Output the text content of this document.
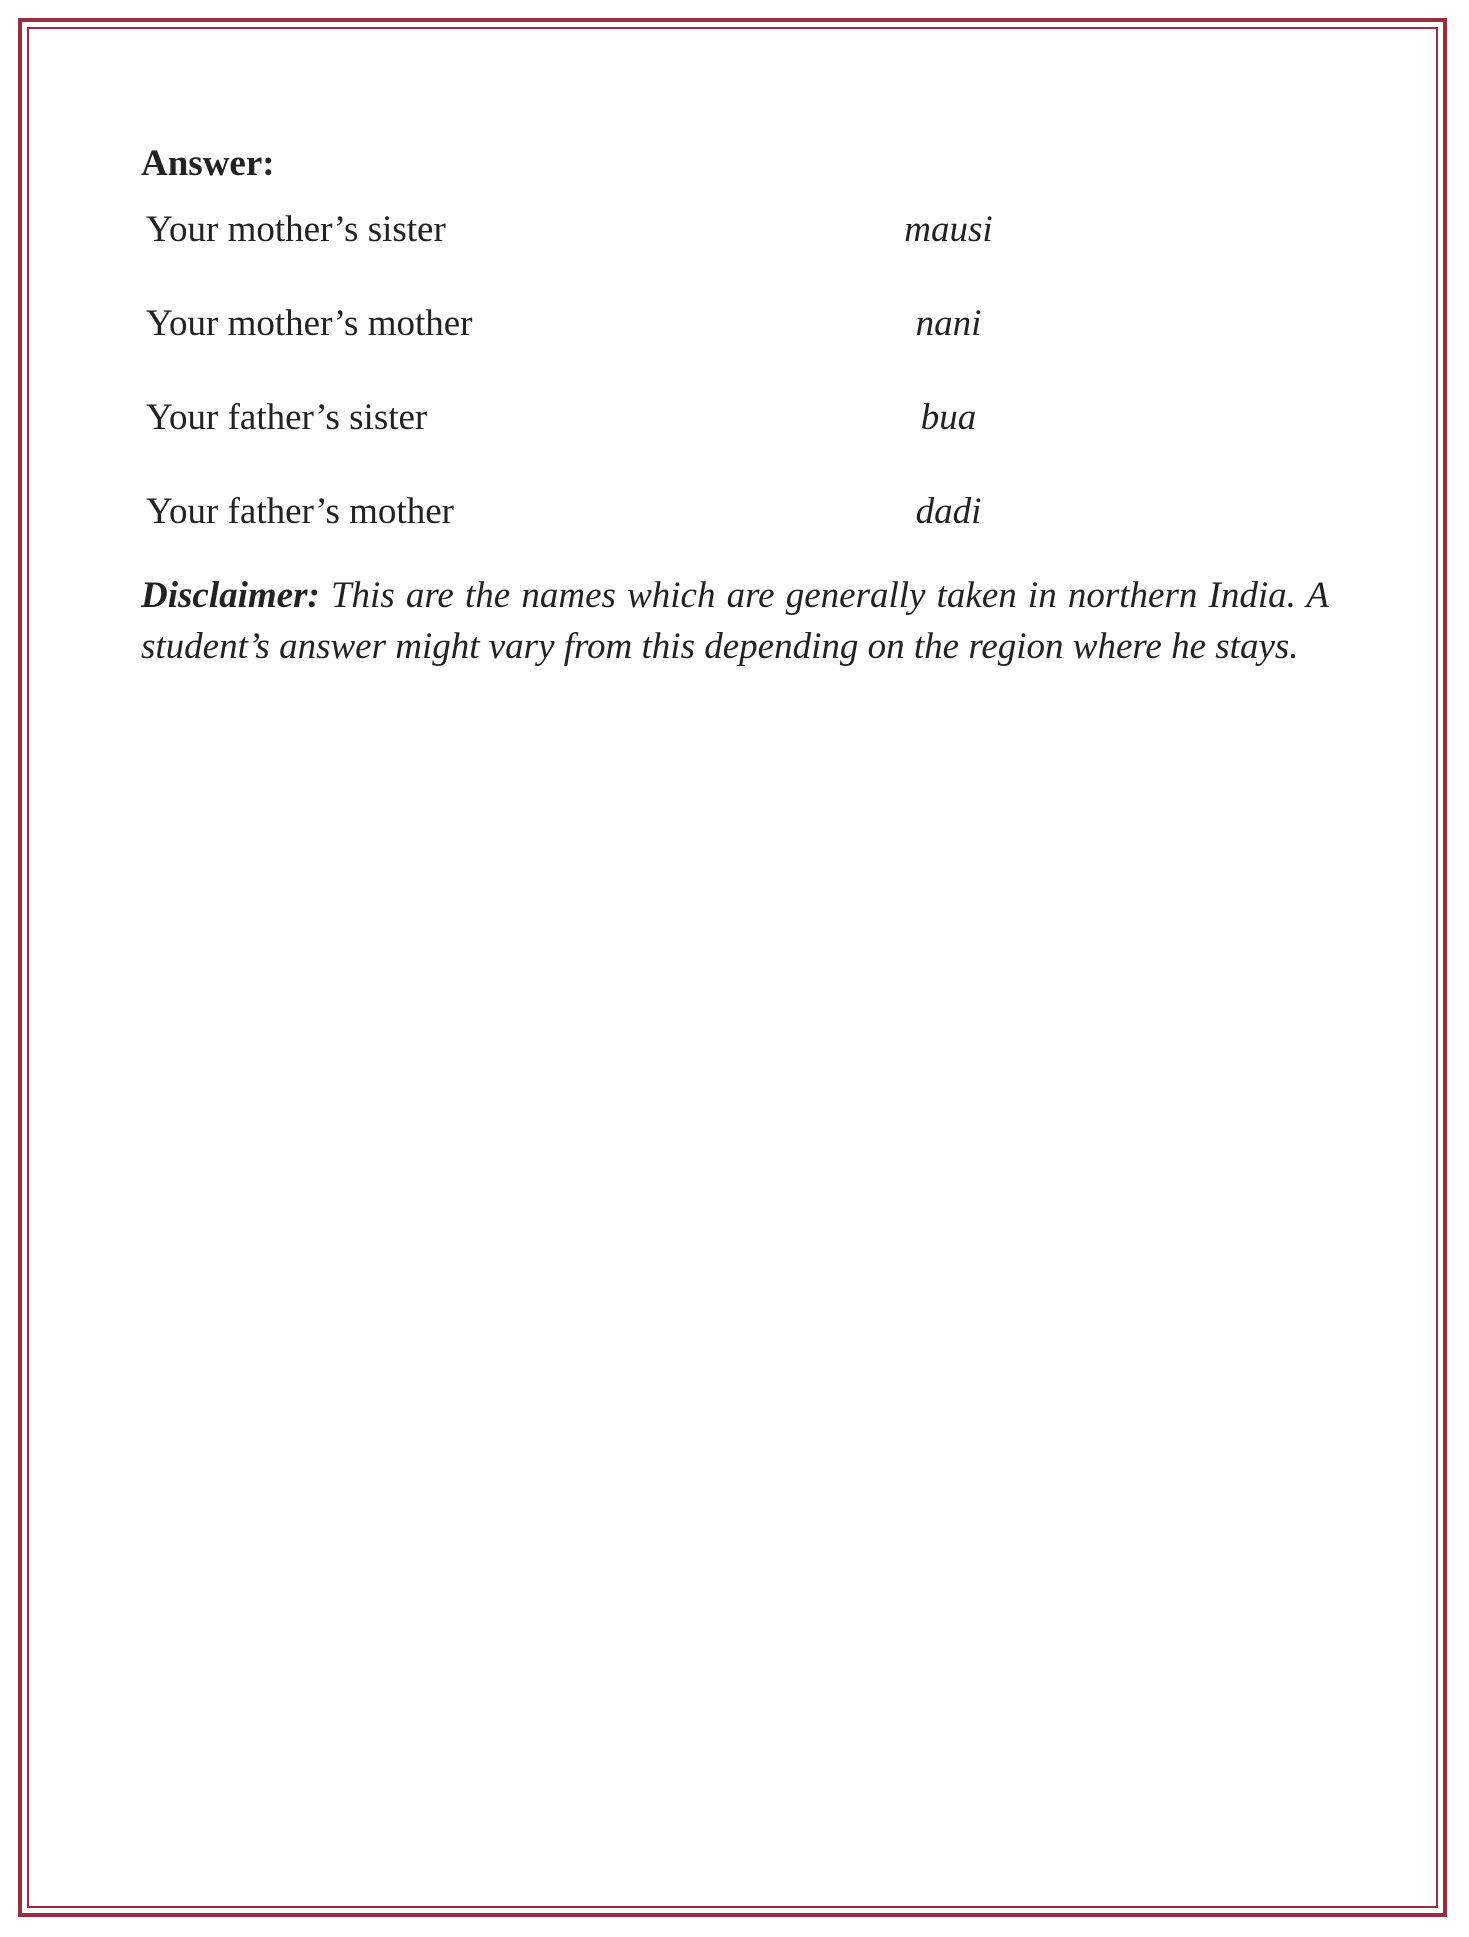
Answer:
Your mother’s sister	mausi
Your mother’s mother	nani
Your father’s sister	bua
Your father’s mother	dadi

Disclaimer: This are the names which are generally taken in northern India. A student’s answer might vary from this depending on the region where he stays.
